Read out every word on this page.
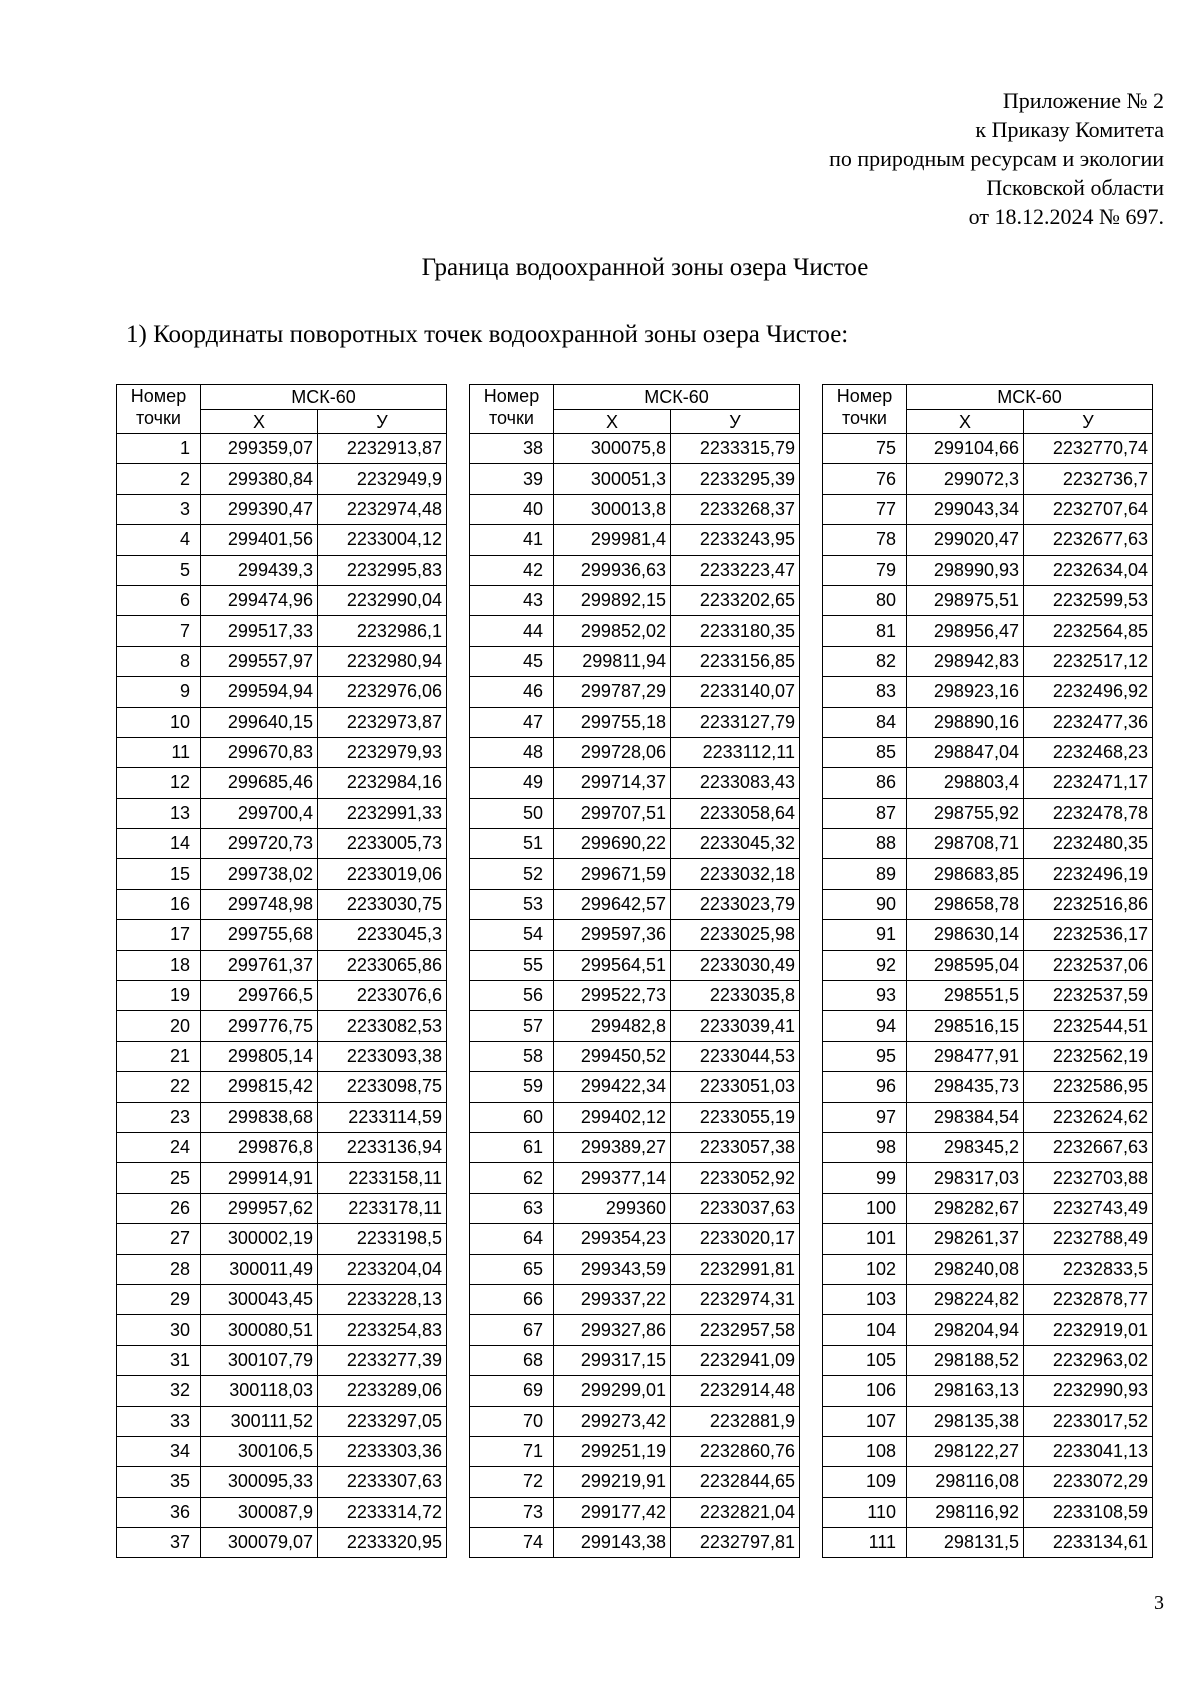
Приложение № 2
к Приказу Комитета
по природным ресурсам и экологии
Псковской области
от 18.12.2024 № 697.
Граница водоохранной зоны озера Чистое
1) Координаты поворотных точек водоохранной зоны озера Чистое:
Номер
точки	МСК-60	
	Х	У
1	299359,07	2232913,87
2	299380,84	2232949,9
3	299390,47	2232974,48
4	299401,56	2233004,12
5	299439,3	2232995,83
6	299474,96	2232990,04
7	299517,33	2232986,1
8	299557,97	2232980,94
9	299594,94	2232976,06
10	299640,15	2232973,87
11	299670,83	2232979,93
12	299685,46	2232984,16
13	299700,4	2232991,33
14	299720,73	2233005,73
15	299738,02	2233019,06
16	299748,98	2233030,75
17	299755,68	2233045,3
18	299761,37	2233065,86
19	299766,5	2233076,6
20	299776,75	2233082,53
21	299805,14	2233093,38
22	299815,42	2233098,75
23	299838,68	2233114,59
24	299876,8	2233136,94
25	299914,91	2233158,11
26	299957,62	2233178,11
27	300002,19	2233198,5
28	300011,49	2233204,04
29	300043,45	2233228,13
30	300080,51	2233254,83
31	300107,79	2233277,39
32	300118,03	2233289,06
33	300111,52	2233297,05
34	300106,5	2233303,36
35	300095,33	2233307,63
36	300087,9	2233314,72
37	300079,07	2233320,95
Номер
точки	МСК-60	
	Х	У
38	300075,8	2233315,79
39	300051,3	2233295,39
40	300013,8	2233268,37
41	299981,4	2233243,95
42	299936,63	2233223,47
43	299892,15	2233202,65
44	299852,02	2233180,35
45	299811,94	2233156,85
46	299787,29	2233140,07
47	299755,18	2233127,79
48	299728,06	2233112,11
49	299714,37	2233083,43
50	299707,51	2233058,64
51	299690,22	2233045,32
52	299671,59	2233032,18
53	299642,57	2233023,79
54	299597,36	2233025,98
55	299564,51	2233030,49
56	299522,73	2233035,8
57	299482,8	2233039,41
58	299450,52	2233044,53
59	299422,34	2233051,03
60	299402,12	2233055,19
61	299389,27	2233057,38
62	299377,14	2233052,92
63	299360	2233037,63
64	299354,23	2233020,17
65	299343,59	2232991,81
66	299337,22	2232974,31
67	299327,86	2232957,58
68	299317,15	2232941,09
69	299299,01	2232914,48
70	299273,42	2232881,9
71	299251,19	2232860,76
72	299219,91	2232844,65
73	299177,42	2232821,04
74	299143,38	2232797,81
Номер
точки	МСК-60	
	Х	У
75	299104,66	2232770,74
76	299072,3	2232736,7
77	299043,34	2232707,64
78	299020,47	2232677,63
79	298990,93	2232634,04
80	298975,51	2232599,53
81	298956,47	2232564,85
82	298942,83	2232517,12
83	298923,16	2232496,92
84	298890,16	2232477,36
85	298847,04	2232468,23
86	298803,4	2232471,17
87	298755,92	2232478,78
88	298708,71	2232480,35
89	298683,85	2232496,19
90	298658,78	2232516,86
91	298630,14	2232536,17
92	298595,04	2232537,06
93	298551,5	2232537,59
94	298516,15	2232544,51
95	298477,91	2232562,19
96	298435,73	2232586,95
97	298384,54	2232624,62
98	298345,2	2232667,63
99	298317,03	2232703,88
100	298282,67	2232743,49
101	298261,37	2232788,49
102	298240,08	2232833,5
103	298224,82	2232878,77
104	298204,94	2232919,01
105	298188,52	2232963,02
106	298163,13	2232990,93
107	298135,38	2233017,52
108	298122,27	2233041,13
109	298116,08	2233072,29
110	298116,92	2233108,59
111	298131,5	2233134,61
3
